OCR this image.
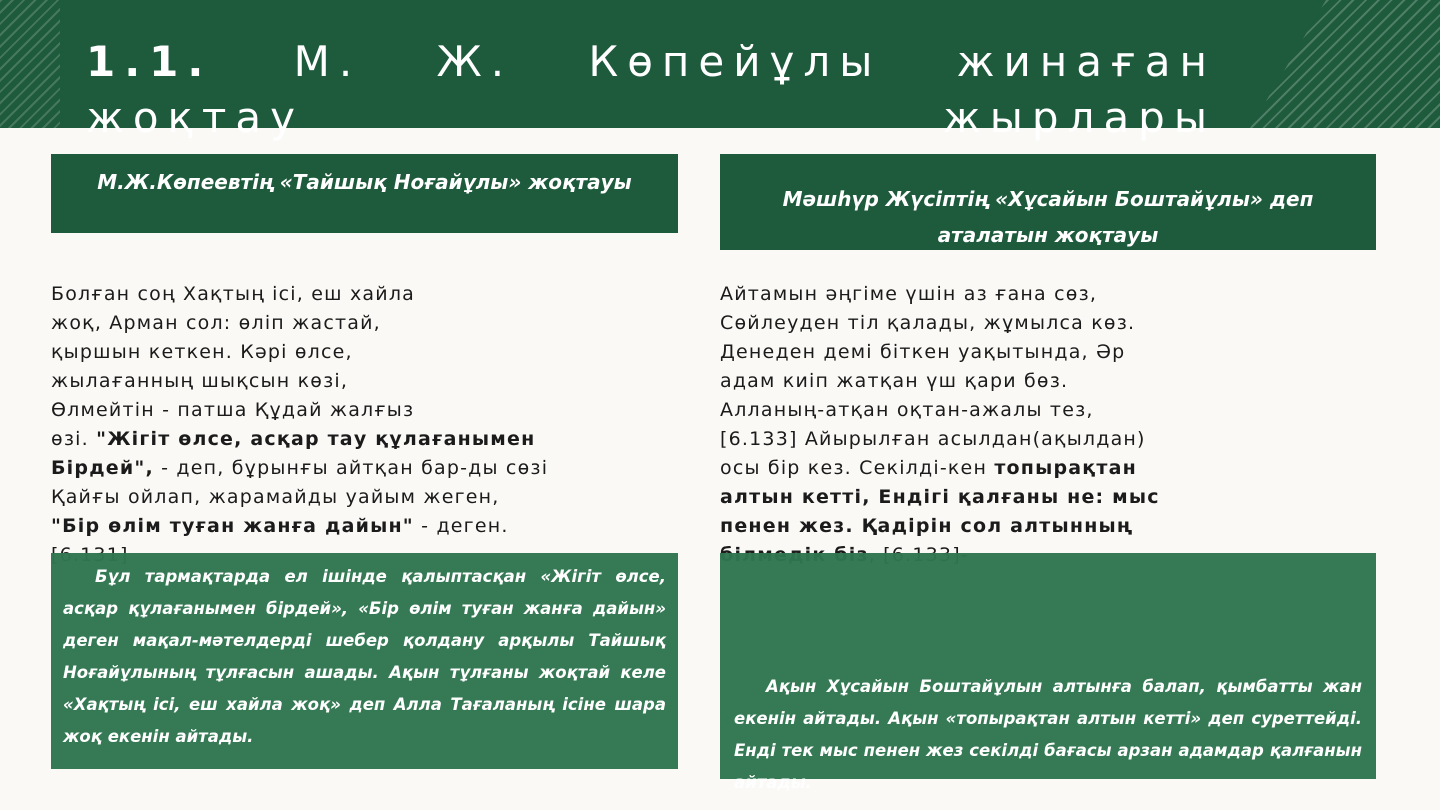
1.1. М. Ж. Көпейұлы жинаған жоқтау жырлары
М.Ж.Көпеевтің «Тайшық Ноғайұлы» жоқтауы
Мәшһүр Жүсіптің «Хұсайын Боштайұлы» деп аталатын жоқтауы
Болған соң Хақтың ісі, еш хайла
жоқ, Арман сол: өліп жастай,
қыршын кеткен. Кәрі өлсе,
жылағанның шықсын көзі,
Өлмейтін - патша Құдай жалғыз
өзі. "Жігіт өлсе, асқар тау құлағанымен Бірдей", - деп, бұрынғы айтқан бар-ды сөзі Қайғы ойлап, жарамайды уайым жеген,
"Бір өлім туған жанға дайын" - деген.
Айтамын әңгіме үшін аз ғана сөз, Сөйлеуден тіл қалады, жұмылса көз. Денеден демі біткен уақытында, Әр адам киіп жатқан үш қари бөз. Алланың-атқан оқтан-ажалы тез, [6.133] Айырылған асылдан(ақылдан) осы бір кез. Секілді-кен топырақтан алтын кетті, Ендігі қалғаны не: мыс пенен жез. Қадірін сол алтынның
Бұл тармақтарда ел ішінде қалыптасқан «Жігіт өлсе, асқар құлағанымен бірдей», «Бір өлім туған жанға дайын» деген мақал-мәтелдерді шебер қолдану арқылы Тайшық Ноғайұлының тұлғасын ашады. Ақын тұлғаны жоқтай келе «Хақтың ісі, еш хайла жоқ» деп Алла Тағаланың ісіне шара жоқ екенін айтады.
Ақын Хұсайын Боштайұлын алтынға балап, қымбатты жан екенін айтады. Ақын «топырақтан алтын кетті» деп суреттейді. Енді тек мыс пенен жез секілді бағасы арзан адамдар қалғанын айтады.
